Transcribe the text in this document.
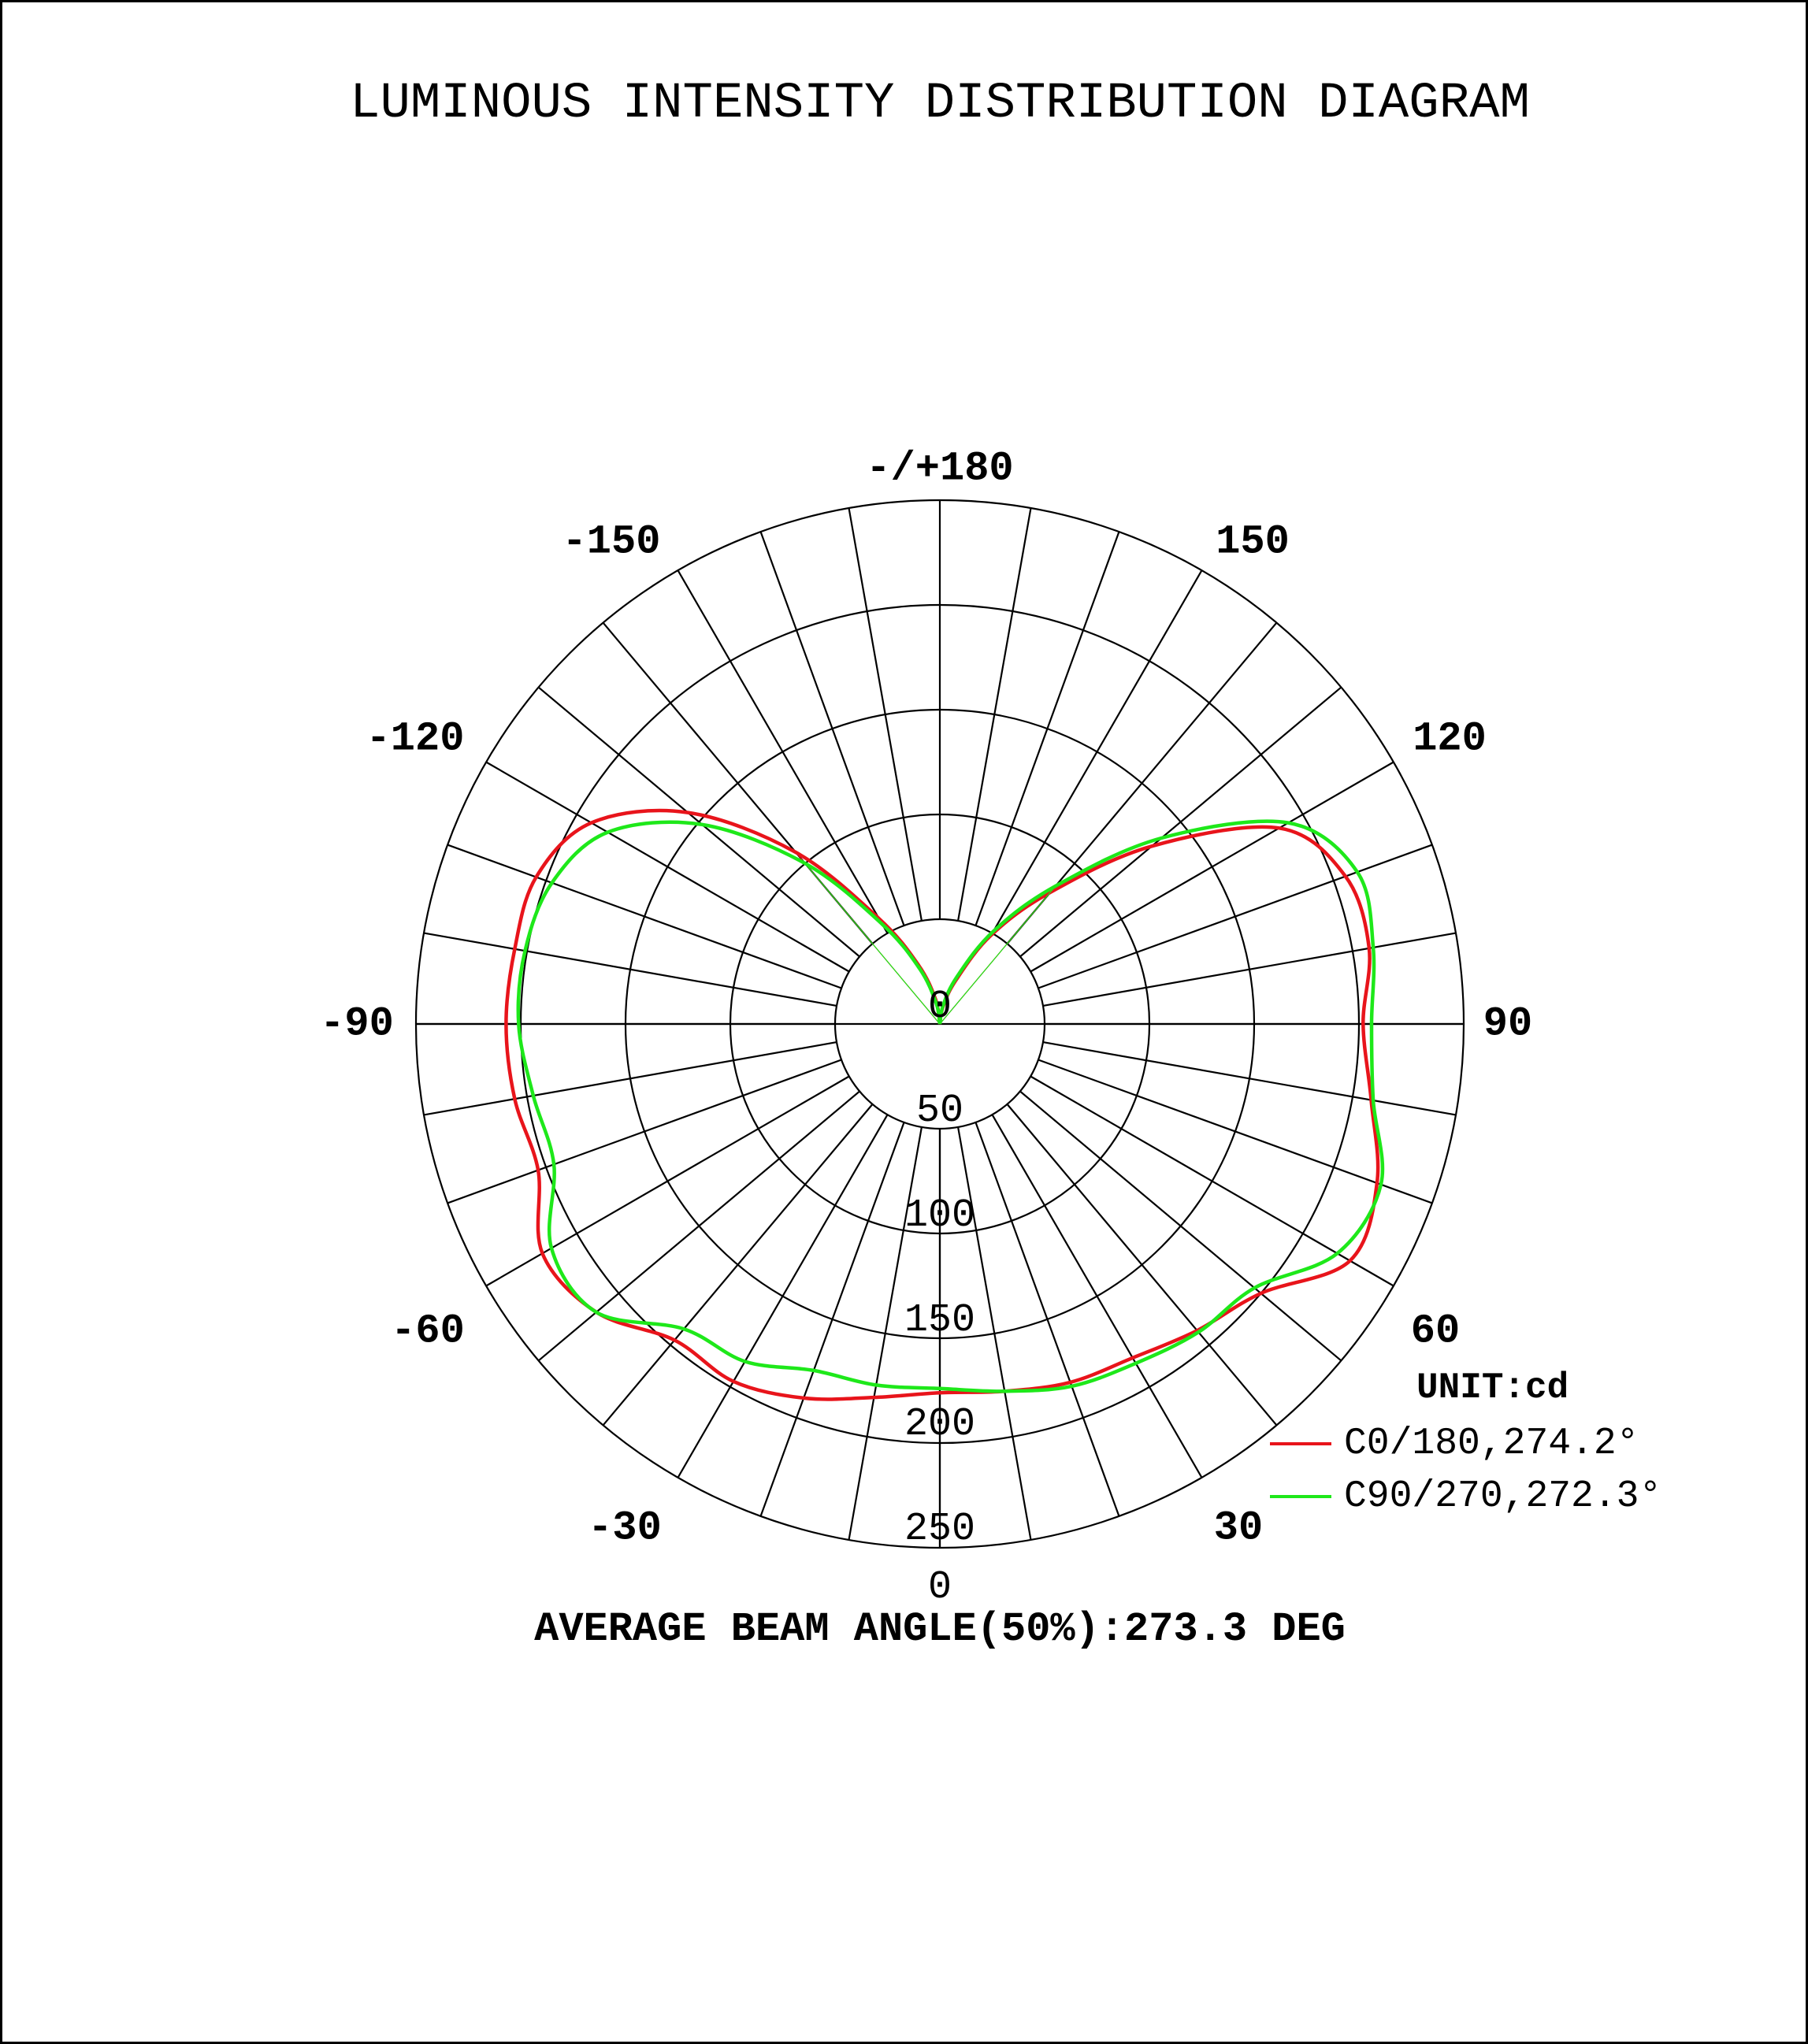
LUMINOUS INTENSITY DISTRIBUTION DIAGRAM
-/+180
-150	150
-120	120
-90	90
-60	60
-30	30
0
50
100
150
200
250
0
UNIT:cd
C0/180,274.2°
C90/270,272.3°
AVERAGE BEAM ANGLE(50%):273.3 DEG
